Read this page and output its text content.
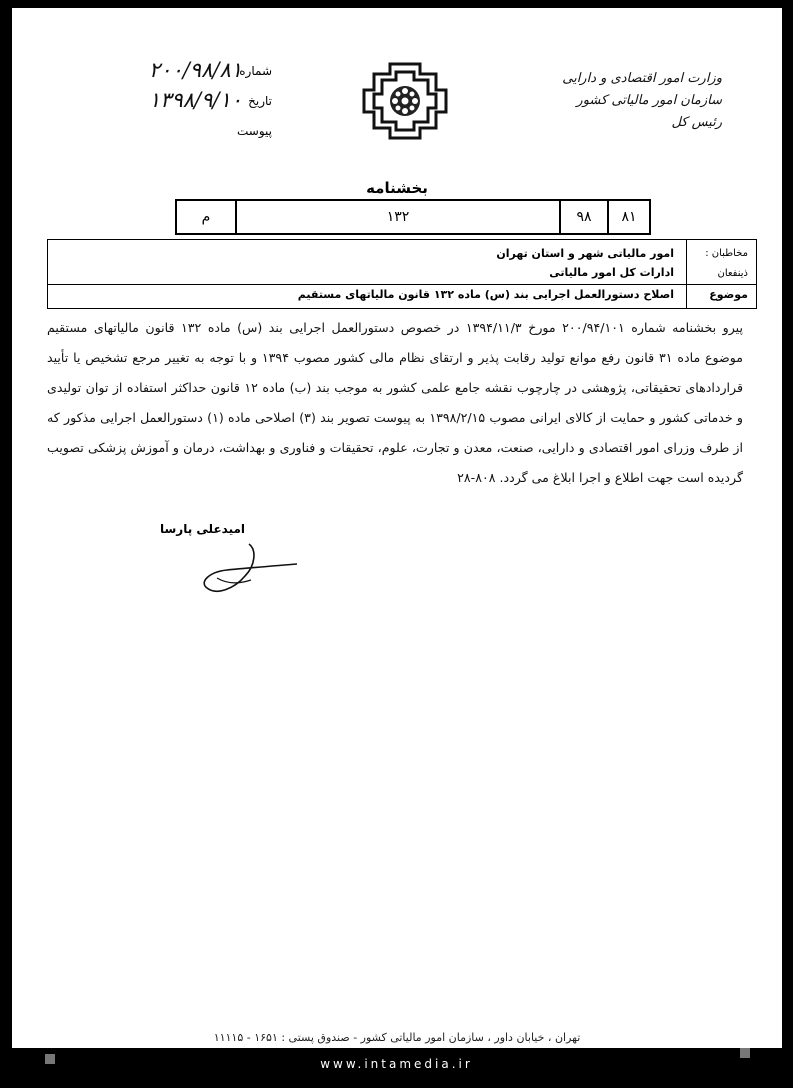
وزارت امور اقتصادی و دارایی
سازمان امور مالیاتی کشور
رئیس کل
شماره
۲۰۰/۹۸/۸۱
تاریخ
۱۳۹۸/۹/۱۰
پیوست
بخشنامه
۸۱
۹۸
۱۳۲
م
مخاطبان :
ذینفعان
موضوع
امور مالیاتی شهر و استان تهران
ادارات کل امور مالیاتی
اصلاح دستورالعمل اجرایی بند (س) ماده ۱۳۲ قانون مالیاتهای مستقیم
پیرو بخشنامه شماره ۲۰۰/۹۴/۱۰۱ مورخ ۱۳۹۴/۱۱/۳ در خصوص دستورالعمل اجرایی بند (س) ماده ۱۳۲ قانون مالیاتهای مستقیم موضوع ماده ۳۱ قانون رفع موانع تولید رقابت پذیر و ارتقای نظام مالی کشور مصوب ۱۳۹۴ و با توجه به تغییر مرجع تشخیص یا تأیید قراردادهای تحقیقاتی، پژوهشی در چارچوب نقشه جامع علمی کشور به موجب بند (ب) ماده ۱۲ قانون حداکثر استفاده از توان تولیدی و خدماتی کشور و حمایت از کالای ایرانی مصوب ۱۳۹۸/۲/۱۵ به پیوست تصویر بند (۳) اصلاحی ماده (۱) دستورالعمل اجرایی مذکور که از طرف وزرای امور اقتصادی و دارایی، صنعت، معدن و تجارت، علوم، تحقیقات و فناوری و بهداشت، درمان و آموزش پزشکی تصویب گردیده است جهت اطلاع و اجرا ابلاغ می گردد. ۸۰۸-۲۸
امیدعلی پارسا
تهران ، خیابان داور ، سازمان امور مالیاتی کشور - صندوق پستی : ۱۶۵۱ - ۱۱۱۱۵
www.intamedia.ir
